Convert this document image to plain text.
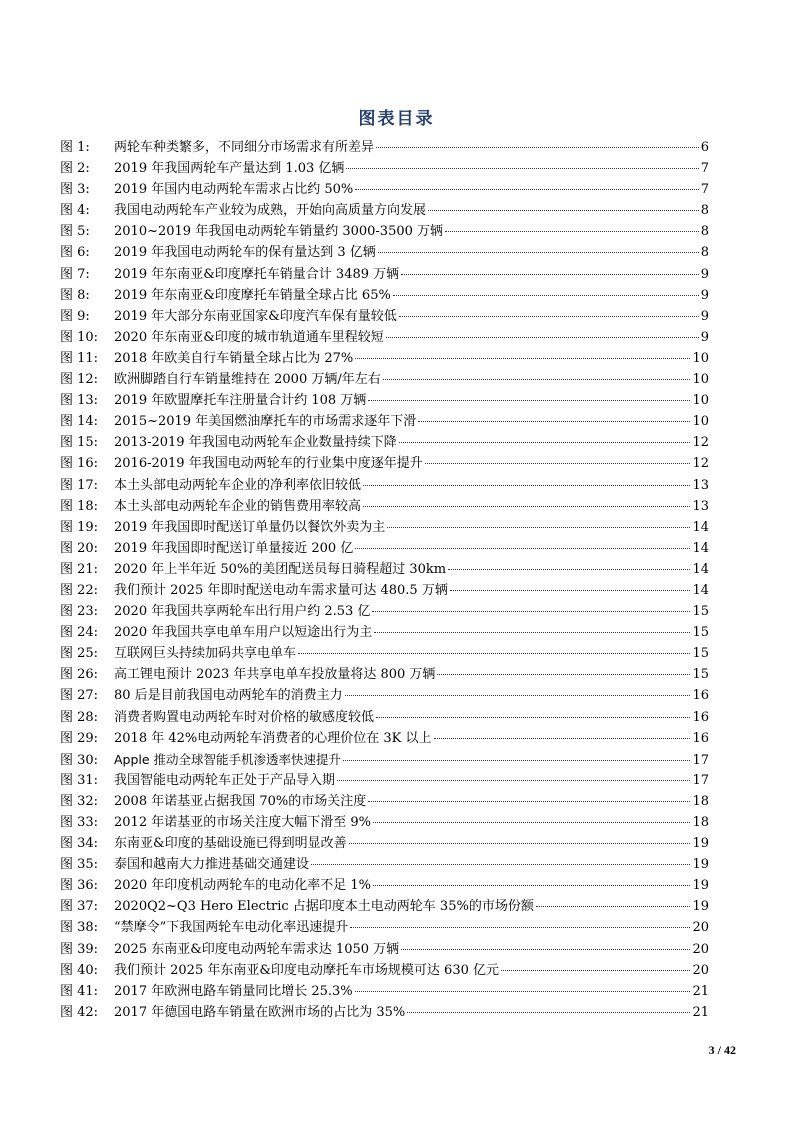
图表目录
图 1:	两轮车种类繁多，不同细分市场需求有所差异	6
图 2:	2019 年我国两轮车产量达到 1.03 亿辆	7
图 3:	2019 年国内电动两轮车需求占比约 50%	7
图 4:	我国电动两轮车产业较为成熟，开始向高质量方向发展	8
图 5:	2010~2019 年我国电动两轮车销量约 3000-3500 万辆	8
图 6:	2019 年我国电动两轮车的保有量达到 3 亿辆	8
图 7:	2019 年东南亚&印度摩托车销量合计 3489 万辆	9
图 8:	2019 年东南亚&印度摩托车销量全球占比 65%	9
图 9:	2019 年大部分东南亚国家&印度汽车保有量较低	9
图 10:	2020 年东南亚&印度的城市轨道通车里程较短	9
图 11:	2018 年欧美自行车销量全球占比为 27%	10
图 12:	欧洲脚踏自行车销量维持在 2000 万辆/年左右	10
图 13:	2019 年欧盟摩托车注册量合计约 108 万辆	10
图 14:	2015~2019 年美国燃油摩托车的市场需求逐年下滑	10
图 15:	2013-2019 年我国电动两轮车企业数量持续下降	12
图 16:	2016-2019 年我国电动两轮车的行业集中度逐年提升	12
图 17:	本土头部电动两轮车企业的净利率依旧较低	13
图 18:	本土头部电动两轮车企业的销售费用率较高	13
图 19:	2019 年我国即时配送订单量仍以餐饮外卖为主	14
图 20:	2019 年我国即时配送订单量接近 200 亿	14
图 21:	2020 年上半年近 50%的美团配送员每日骑程超过 30km	14
图 22:	我们预计 2025 年即时配送电动车需求量可达 480.5 万辆	14
图 23:	2020 年我国共享两轮车出行用户约 2.53 亿	15
图 24:	2020 年我国共享电单车用户以短途出行为主	15
图 25:	互联网巨头持续加码共享电单车	15
图 26:	高工锂电预计 2023 年共享电单车投放量将达 800 万辆	15
图 27:	80 后是目前我国电动两轮车的消费主力	16
图 28:	消费者购置电动两轮车时对价格的敏感度较低	16
图 29:	2018 年 42%电动两轮车消费者的心理价位在 3K 以上	16
图 30:	Apple 推动全球智能手机渗透率快速提升	17
图 31:	我国智能电动两轮车正处于产品导入期	17
图 32:	2008 年诺基亚占据我国 70%的市场关注度	18
图 33:	2012 年诺基亚的市场关注度大幅下滑至 9%	18
图 34:	东南亚&印度的基础设施已得到明显改善	19
图 35:	泰国和越南大力推进基础交通建设	19
图 36:	2020 年印度机动两轮车的电动化率不足 1%	19
图 37:	2020Q2~Q3 Hero Electric 占据印度本土电动两轮车 35%的市场份额	19
图 38:	“禁摩令”下我国两轮车电动化率迅速提升	20
图 39:	2025 东南亚&印度电动两轮车需求达 1050 万辆	20
图 40:	我们预计 2025 年东南亚&印度电动摩托车市场规模可达 630 亿元	20
图 41:	2017 年欧洲电路车销量同比增长 25.3%	21
图 42:	2017 年德国电路车销量在欧洲市场的占比为 35%	21
3 / 42
